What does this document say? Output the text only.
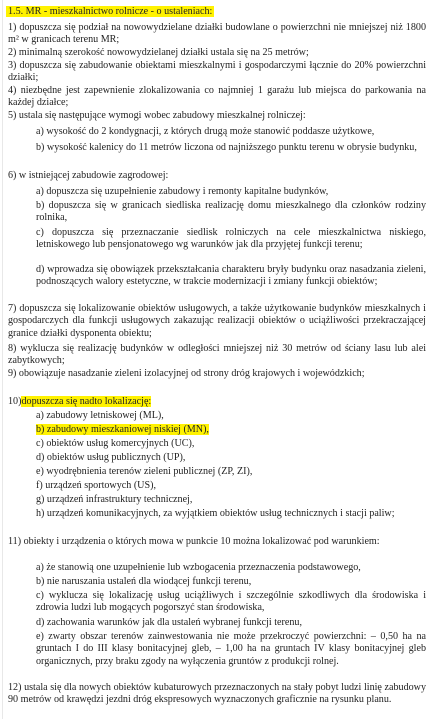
1.5. MR - mieszkalnictwo rolnicze - o ustaleniach:
1) dopuszcza się podział na nowowydzielane działki budowlane o powierzchni nie mniejszej niż 1800 m² w granicach terenu MR;
2) minimalną szerokość nowowydzielanej działki ustala się na 25 metrów;
3) dopuszcza się zabudowanie obiektami mieszkalnymi i gospodarczymi łącznie do 20% powierzchni działki;
4) niezbędne jest zapewnienie zlokalizowania co najmniej 1 garażu lub miejsca do parkowania na każdej działce;
5) ustala się następujące wymogi wobec zabudowy mieszkalnej rolniczej:
a) wysokość do 2 kondygnacji, z których drugą może stanowić poddasze użytkowe,
b) wysokość kalenicy do 11 metrów liczona od najniższego punktu terenu w obrysie budynku,
6) w istniejącej zabudowie zagrodowej:
a) dopuszcza się uzupełnienie zabudowy i remonty kapitalne budynków,
b) dopuszcza się w granicach siedliska realizację domu mieszkalnego dla członków rodziny rolnika,
c) dopuszcza się przeznaczanie siedlisk rolniczych na cele mieszkalnictwa niskiego, letniskowego lub pensjonatowego wg warunków jak dla przyjętej funkcji terenu;
d) wprowadza się obowiązek przekształcania charakteru bryły budynku oraz nasadzania zieleni, podnoszących walory estetyczne, w trakcie modernizacji i zmiany funkcji obiektów;
7) dopuszcza się lokalizowanie obiektów usługowych, a także użytkowanie budynków mieszkalnych i gospodarczych dla funkcji usługowych zakazując realizacji obiektów o uciążliwości przekraczającej granice działki dysponenta obiektu;
8) wyklucza się realizację budynków w odległości mniejszej niż 30 metrów od ściany lasu lub alei zabytkowych;
9) obowiązuje nasadzanie zieleni izolacyjnej od strony dróg krajowych i wojewódzkich;
10)dopuszcza się nadto lokalizację:
a) zabudowy letniskowej (ML),
b) zabudowy mieszkaniowej niskiej (MN),
c) obiektów usług komercyjnych (UC),
d) obiektów usług publicznych (UP),
e) wyodrębnienia terenów zieleni publicznej (ZP, ZI),
f) urządzeń sportowych (US),
g) urządzeń infrastruktury technicznej,
h) urządzeń komunikacyjnych, za wyjątkiem obiektów usług technicznych i stacji paliw;
11) obiekty i urządzenia o których mowa w punkcie 10 można lokalizować pod warunkiem:
a) że stanowią one uzupełnienie lub wzbogacenia przeznaczenia podstawowego,
b) nie naruszania ustaleń dla wiodącej funkcji terenu,
c) wyklucza się lokalizację usług uciążliwych i szczególnie szkodliwych dla środowiska i zdrowia ludzi lub mogących pogorszyć stan środowiska,
d) zachowania warunków jak dla ustaleń wybranej funkcji terenu,
e) zwarty obszar terenów zainwestowania nie może przekroczyć powierzchni: – 0,50 ha na gruntach I do III klasy bonitacyjnej gleb, – 1,00 ha na gruntach IV klasy bonitacyjnej gleb organicznych, przy braku zgody na wyłączenia gruntów z produkcji rolnej.
12) ustala się dla nowych obiektów kubaturowych przeznaczonych na stały pobyt ludzi linię zabudowy 90 metrów od krawędzi jezdni dróg ekspresowych wyznaczonych graficznie na rysunku planu.
